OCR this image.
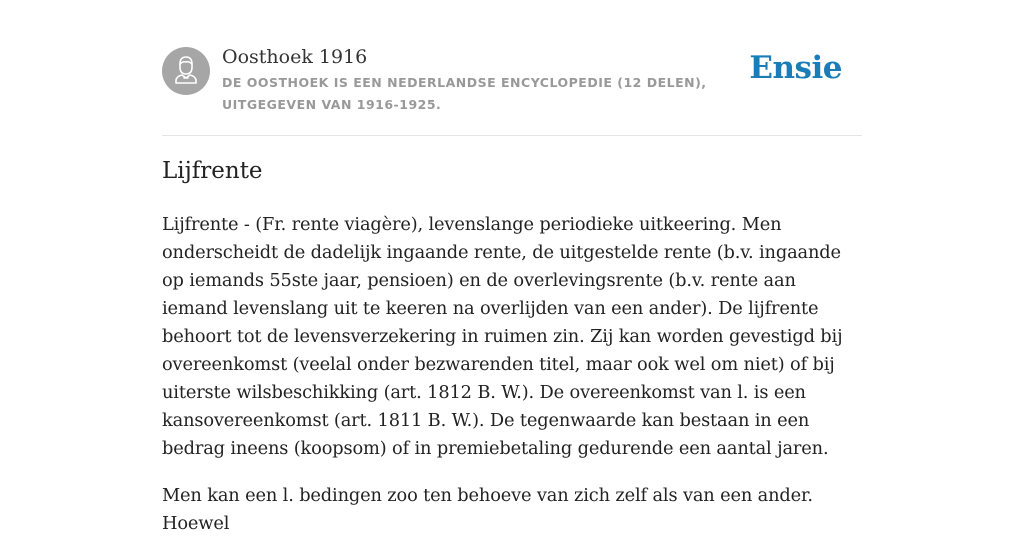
Oosthoek 1916
DE OOSTHOEK IS EEN NEDERLANDSE ENCYCLOPEDIE (12 DELEN), UITGEGEVEN VAN 1916-1925.
Ensie
Lijfrente

Lijfrente - (Fr. rente viagère), levenslange periodieke uitkeering. Men onderscheidt de dadelijk ingaande rente, de uitgestelde rente (b.v. ingaande op iemands 55ste jaar, pensioen) en de overlevingsrente (b.v. rente aan iemand levenslang uit te keeren na overlijden van een ander). De lijfrente behoort tot de levensverzekering in ruimen zin. Zij kan worden gevestigd bij overeenkomst (veelal onder bezwarenden titel, maar ook wel om niet) of bij uiterste wilsbeschikking (art. 1812 B. W.). De overeenkomst van l. is een kansovereenkomst (art. 1811 B. W.). De tegenwaarde kan bestaan in een bedrag ineens (koopsom) of in premiebetaling gedurende een aantal jaren.

Men kan een l. bedingen zoo ten behoeve van zich zelf als van een ander. Hoewel
